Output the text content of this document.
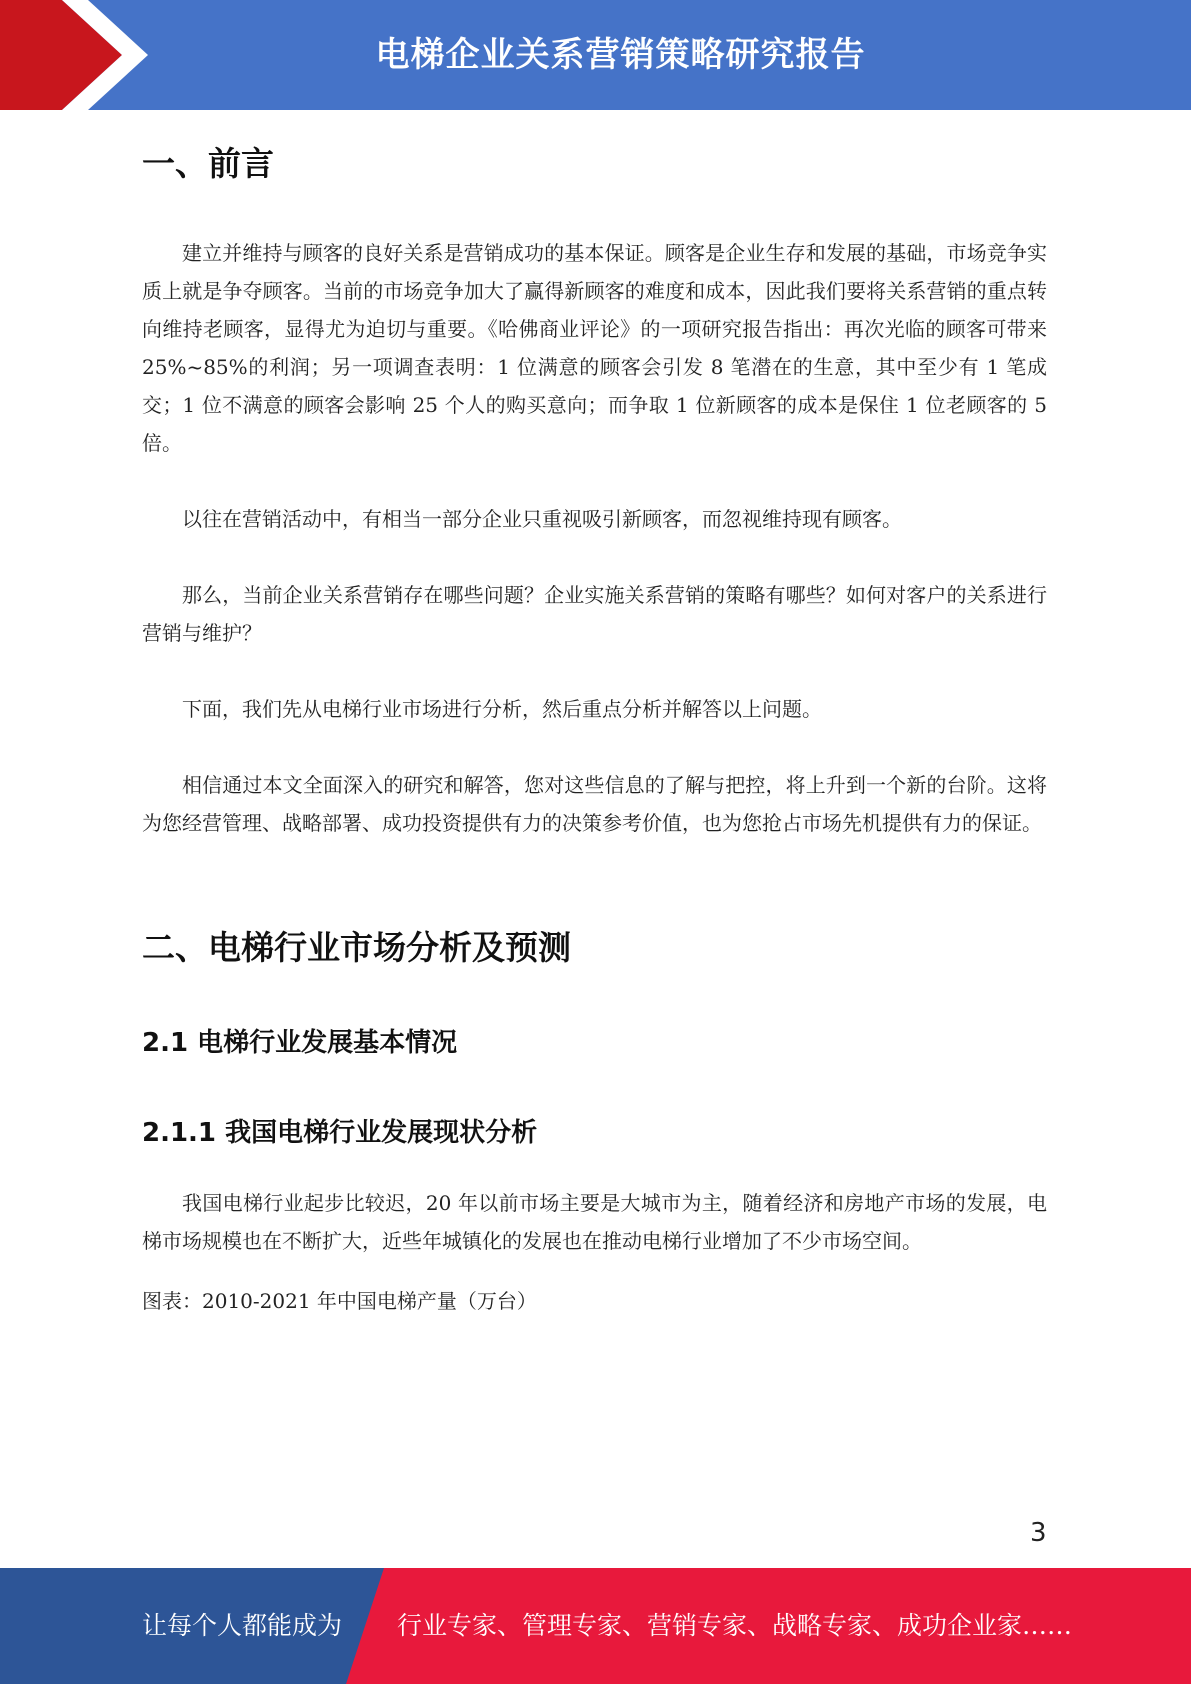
电梯企业关系营销策略研究报告
一、前言

建立并维持与顾客的良好关系是营销成功的基本保证。顾客是企业生存和发展的基础，市场竞争实质上就是争夺顾客。当前的市场竞争加大了赢得新顾客的难度和成本，因此我们要将关系营销的重点转向维持老顾客，显得尤为迫切与重要。《哈佛商业评论》的一项研究报告指出：再次光临的顾客可带来 25%~85%的利润；另一项调查表明：1 位满意的顾客会引发 8 笔潜在的生意，其中至少有 1 笔成交；1 位不满意的顾客会影响 25 个人的购买意向；而争取 1 位新顾客的成本是保住 1 位老顾客的 5 倍。

以往在营销活动中，有相当一部分企业只重视吸引新顾客，而忽视维持现有顾客。

那么，当前企业关系营销存在哪些问题？企业实施关系营销的策略有哪些？如何对客户的关系进行营销与维护？

下面，我们先从电梯行业市场进行分析，然后重点分析并解答以上问题。

相信通过本文全面深入的研究和解答，您对这些信息的了解与把控，将上升到一个新的台阶。这将为您经营管理、战略部署、成功投资提供有力的决策参考价值，也为您抢占市场先机提供有力的保证。

二、电梯行业市场分析及预测
2.1 电梯行业发展基本情况
2.1.1 我国电梯行业发展现状分析

我国电梯行业起步比较迟，20 年以前市场主要是大城市为主，随着经济和房地产市场的发展，电梯市场规模也在不断扩大，近些年城镇化的发展也在推动电梯行业增加了不少市场空间。

图表：2010-2021 年中国电梯产量（万台）

3
让每个人都能成为 行业专家、管理专家、营销专家、战略专家、成功企业家……
